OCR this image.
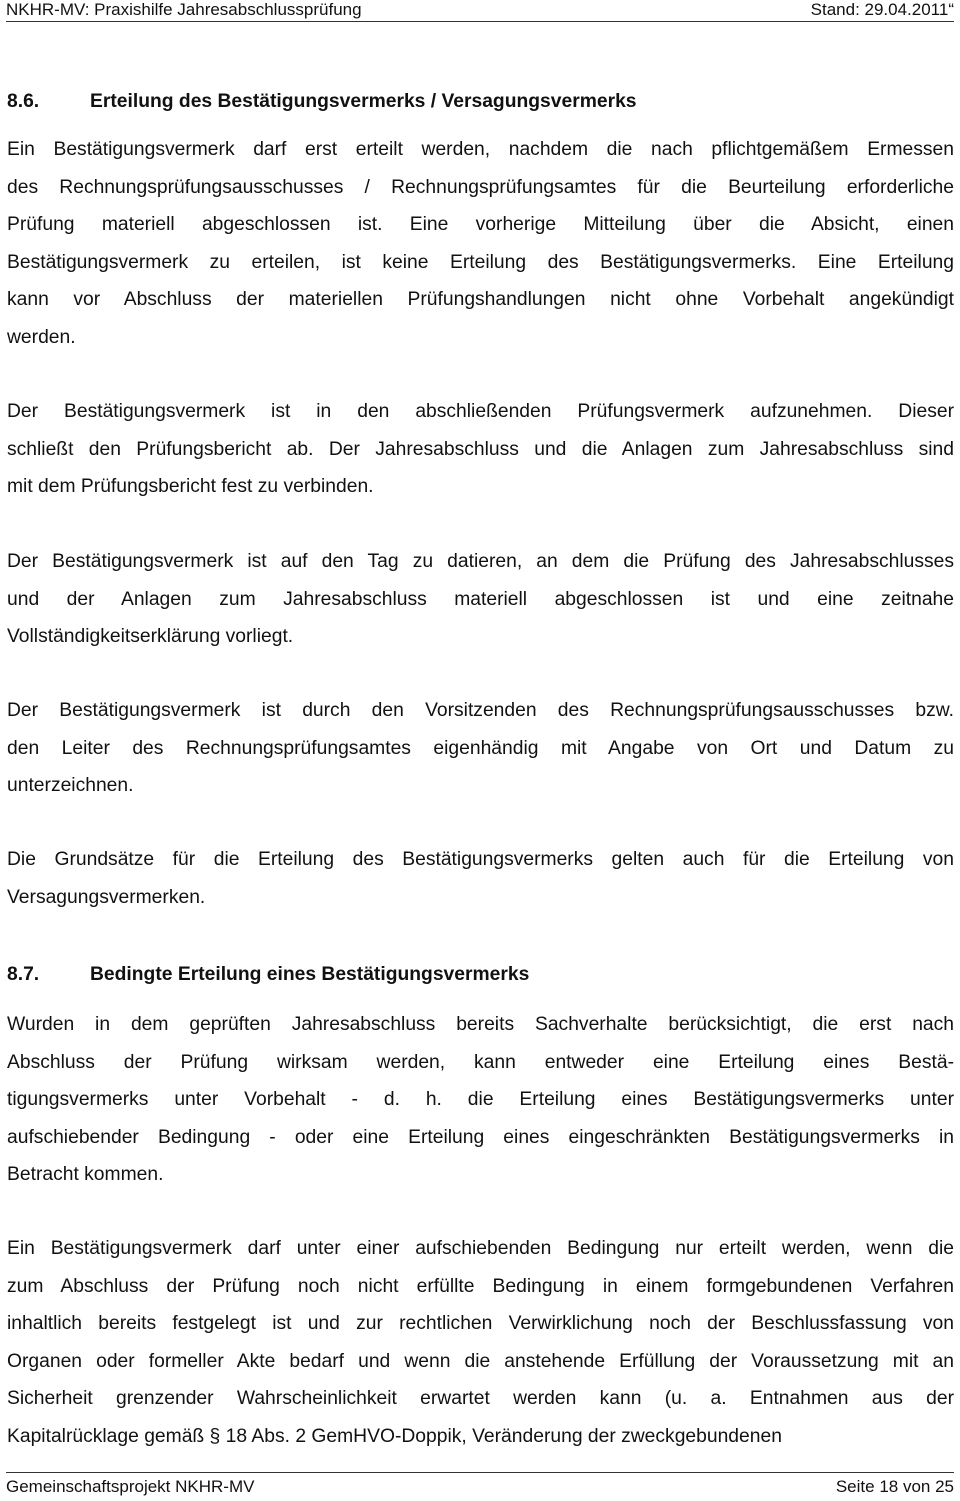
NKHR-MV: Praxishilfe Jahresabschlussprüfung	Stand: 29.04.2011“
8.6.	Erteilung des Bestätigungsvermerks / Versagungsvermerks
Ein Bestätigungsvermerk darf erst erteilt werden, nachdem die nach pflichtgemäßem Ermessen
des Rechnungsprüfungsausschusses / Rechnungsprüfungsamtes für die Beurteilung erforderliche
Prüfung materiell abgeschlossen ist. Eine vorherige Mitteilung über die Absicht, einen
Bestätigungsvermerk zu erteilen, ist keine Erteilung des Bestätigungsvermerks. Eine Erteilung
kann vor Abschluss der materiellen Prüfungshandlungen nicht ohne Vorbehalt angekündigt
werden.
Der Bestätigungsvermerk ist in den abschließenden Prüfungsvermerk aufzunehmen. Dieser
schließt den Prüfungsbericht ab. Der Jahresabschluss und die Anlagen zum Jahresabschluss sind
mit dem Prüfungsbericht fest zu verbinden.
Der Bestätigungsvermerk ist auf den Tag zu datieren, an dem die Prüfung des Jahresabschlusses
und der Anlagen zum Jahresabschluss materiell abgeschlossen ist und eine zeitnahe
Vollständigkeitserklärung vorliegt.
Der Bestätigungsvermerk ist durch den Vorsitzenden des Rechnungsprüfungsausschusses bzw.
den Leiter des Rechnungsprüfungsamtes eigenhändig mit Angabe von Ort und Datum zu
unterzeichnen.
Die Grundsätze für die Erteilung des Bestätigungsvermerks gelten auch für die Erteilung von
Versagungsvermerken.
8.7.	Bedingte Erteilung eines Bestätigungsvermerks
Wurden in dem geprüften Jahresabschluss bereits Sachverhalte berücksichtigt, die erst nach
Abschluss der Prüfung wirksam werden, kann entweder eine Erteilung eines Bestä-
tigungsvermerks unter Vorbehalt - d. h. die Erteilung eines Bestätigungsvermerks unter
aufschiebender Bedingung - oder eine Erteilung eines eingeschränkten Bestätigungsvermerks in
Betracht kommen.
Ein Bestätigungsvermerk darf unter einer aufschiebenden Bedingung nur erteilt werden, wenn die
zum Abschluss der Prüfung noch nicht erfüllte Bedingung in einem formgebundenen Verfahren
inhaltlich bereits festgelegt ist und zur rechtlichen Verwirklichung noch der Beschlussfassung von
Organen oder formeller Akte bedarf und wenn die anstehende Erfüllung der Voraussetzung mit an
Sicherheit grenzender Wahrscheinlichkeit erwartet werden kann (u. a. Entnahmen aus der
Kapitalrücklage gemäß § 18 Abs. 2 GemHVO-Doppik, Veränderung der zweckgebundenen
Gemeinschaftsprojekt NKHR-MV	Seite 18 von 25
